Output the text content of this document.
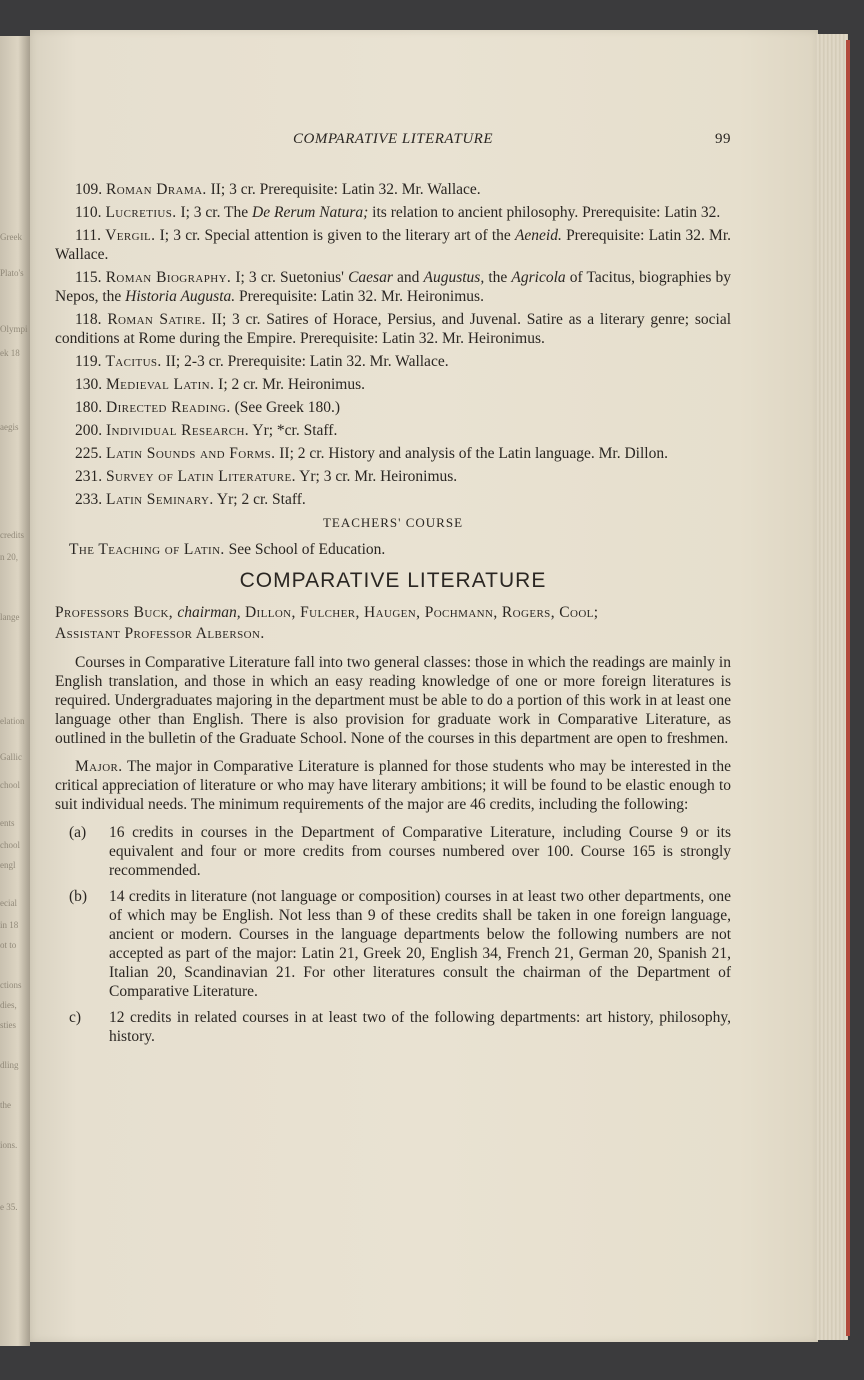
Greek
Plato's
Olympi
ek 18
aegis
credits
n 20,
lange
elation
Gallic
chool
ents
chool
engl
ecial
in 18
ot to
ctions
dies,
sties
dling
the
ions.
e 35.
COMPARATIVE LITERATURE	99

109. Roman Drama. II; 3 cr. Prerequisite: Latin 32. Mr. Wallace.

110. Lucretius. I; 3 cr. The De Rerum Natura; its relation to ancient philosophy. Prerequisite: Latin 32.

111. Vergil. I; 3 cr. Special attention is given to the literary art of the Aeneid. Prerequisite: Latin 32. Mr. Wallace.

115. Roman Biography. I; 3 cr. Suetonius' Caesar and Augustus, the Agricola of Tacitus, biographies by Nepos, the Historia Augusta. Prerequisite: Latin 32. Mr. Heironimus.

118. Roman Satire. II; 3 cr. Satires of Horace, Persius, and Juvenal. Satire as a literary genre; social conditions at Rome during the Empire. Prerequisite: Latin 32. Mr. Heironimus.

119. Tacitus. II; 2-3 cr. Prerequisite: Latin 32. Mr. Wallace.

130. Medieval Latin. I; 2 cr. Mr. Heironimus.

180. Directed Reading. (See Greek 180.)

200. Individual Research. Yr; *cr. Staff.

225. Latin Sounds and Forms. II; 2 cr. History and analysis of the Latin language. Mr. Dillon.

231. Survey of Latin Literature. Yr; 3 cr. Mr. Heironimus.

233. Latin Seminary. Yr; 2 cr. Staff.

TEACHERS' COURSE

The Teaching of Latin. See School of Education.

COMPARATIVE LITERATURE

Professors Buck, chairman, Dillon, Fulcher, Haugen, Pochmann, Rogers, Cool;
Assistant Professor Alberson.

Courses in Comparative Literature fall into two general classes: those in which the readings are mainly in English translation, and those in which an easy reading knowledge of one or more foreign literatures is required. Undergraduates majoring in the department must be able to do a portion of this work in at least one language other than English. There is also provision for graduate work in Comparative Literature, as outlined in the bulletin of the Graduate School. None of the courses in this department are open to freshmen.

Major. The major in Comparative Literature is planned for those students who may be interested in the critical appreciation of literature or who may have literary ambitions; it will be found to be elastic enough to suit individual needs. The minimum requirements of the major are 46 credits, including the following:

(a)	16 credits in courses in the Department of Comparative Literature, including Course 9 or its equivalent and four or more credits from courses numbered over 100. Course 165 is strongly recommended.
(b)	14 credits in literature (not language or composition) courses in at least two other departments, one of which may be English. Not less than 9 of these credits shall be taken in one foreign language, ancient or modern. Courses in the language departments below the following numbers are not accepted as part of the major: Latin 21, Greek 20, English 34, French 21, German 20, Spanish 21, Italian 20, Scandinavian 21. For other literatures consult the chairman of the Department of Comparative Literature.
c)	12 credits in related courses in at least two of the following departments: art history, philosophy, history.
